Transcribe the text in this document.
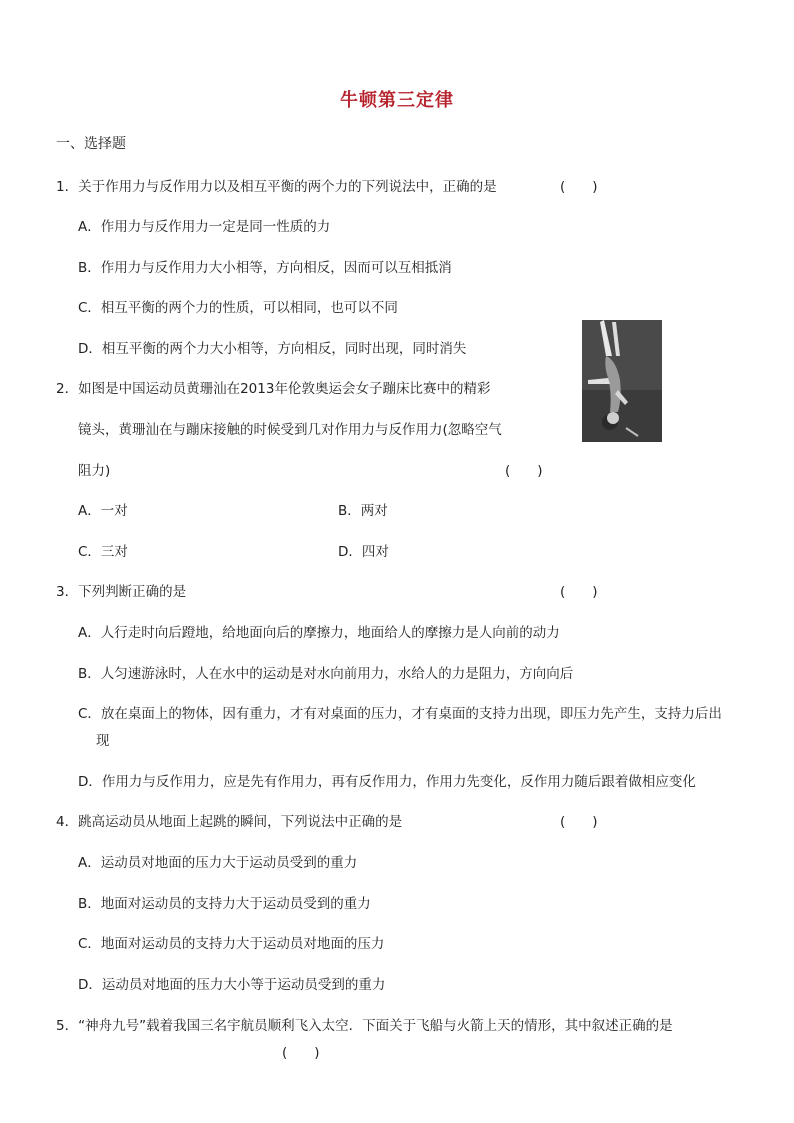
牛顿第三定律
一、选择题
1．关于作用力与反作用力以及相互平衡的两个力的下列说法中，正确的是	(　　)
A．作用力与反作用力一定是同一性质的力
B．作用力与反作用力大小相等，方向相反，因而可以互相抵消
C．相互平衡的两个力的性质，可以相同，也可以不同
D．相互平衡的两个力大小相等，方向相反，同时出现，同时消失
2．如图是中国运动员黄珊汕在2013年伦敦奥运会女子蹦床比赛中的精彩
镜头，黄珊汕在与蹦床接触的时候受到几对作用力与反作用力(忽略空气
阻力)	(　　)
A．一对	B．两对
C．三对	D．四对
3．下列判断正确的是	(　　)
A．人行走时向后蹬地，给地面向后的摩擦力，地面给人的摩擦力是人向前的动力
B．人匀速游泳时，人在水中的运动是对水向前用力，水给人的力是阻力，方向向后
C．放在桌面上的物体，因有重力，才有对桌面的压力，才有桌面的支持力出现，即压力先产生，支持力后出
现
D．作用力与反作用力，应是先有作用力，再有反作用力，作用力先变化，反作用力随后跟着做相应变化
4．跳高运动员从地面上起跳的瞬间，下列说法中正确的是	(　　)
A．运动员对地面的压力大于运动员受到的重力
B．地面对运动员的支持力大于运动员受到的重力
C．地面对运动员的支持力大于运动员对地面的压力
D．运动员对地面的压力大小等于运动员受到的重力
5．“神舟九号”载着我国三名宇航员顺利飞入太空．下面关于飞船与火箭上天的情形，其中叙述正确的是
(　　)
